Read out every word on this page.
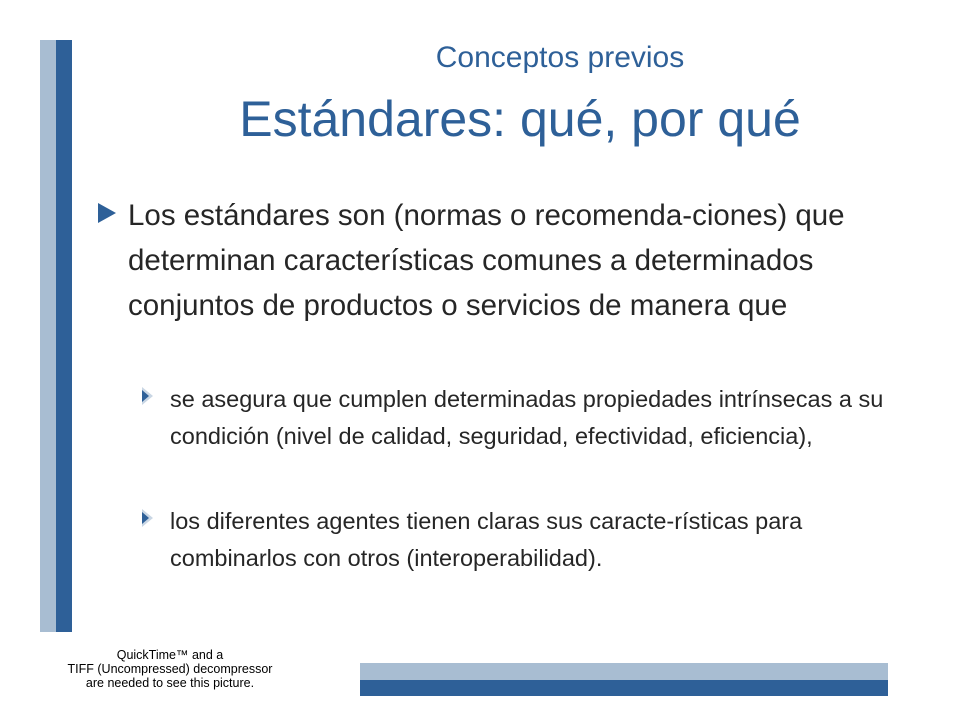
Conceptos previos
Estándares: qué, por qué
Los estándares son (normas o recomenda-ciones) que determinan características comunes a determinados conjuntos de productos o servicios de manera que
se asegura que cumplen determinadas propiedades intrínsecas a su condición (nivel de calidad, seguridad, efectividad, eficiencia),
los diferentes agentes tienen claras sus caracte-rísticas para combinarlos con otros (interoperabilidad).
QuickTime™ and a
TIFF (Uncompressed) decompressor
are needed to see this picture.
